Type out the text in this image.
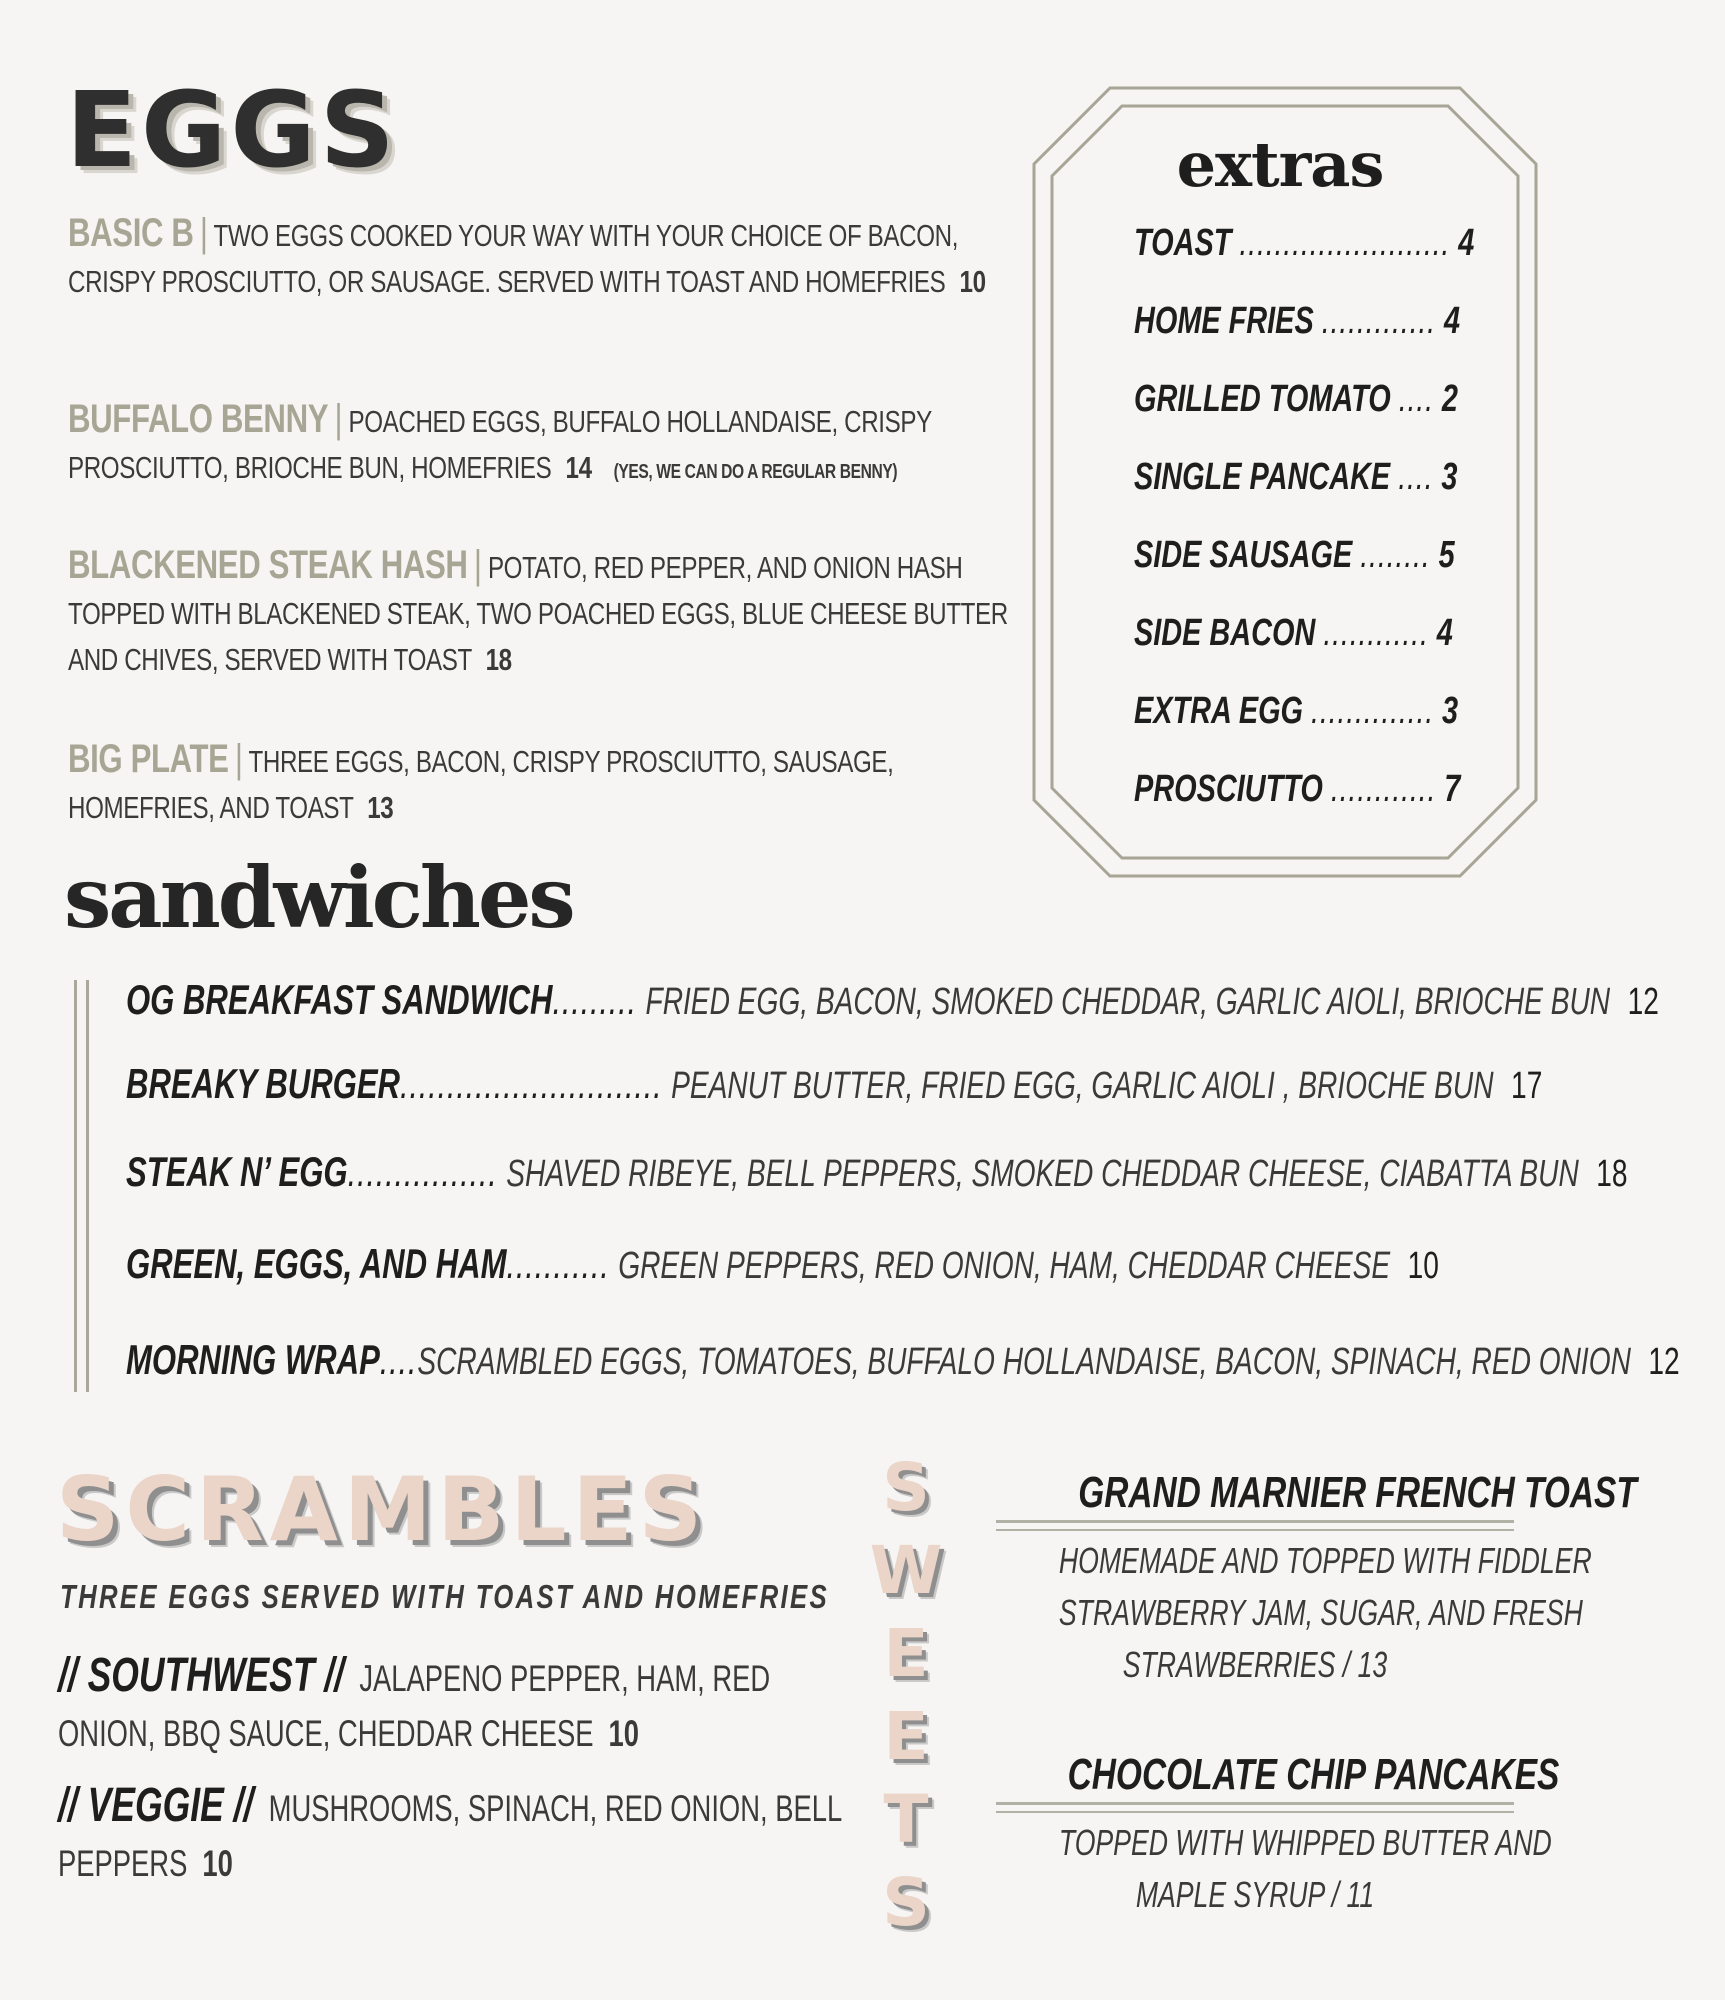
EGGS

BASIC B | TWO EGGS COOKED YOUR WAY WITH YOUR CHOICE OF BACON, CRISPY PROSCIUTTO, OR SAUSAGE. SERVED WITH TOAST AND HOMEFRIES 10

BUFFALO BENNY | POACHED EGGS, BUFFALO HOLLANDAISE, CRISPY PROSCIUTTO, BRIOCHE BUN, HOMEFRIES 14 (YES, WE CAN DO A REGULAR BENNY)

BLACKENED STEAK HASH | POTATO, RED PEPPER, AND ONION HASH TOPPED WITH BLACKENED STEAK, TWO POACHED EGGS, BLUE CHEESE BUTTER AND CHIVES, SERVED WITH TOAST 18

BIG PLATE | THREE EGGS, BACON, CRISPY PROSCIUTTO, SAUSAGE, HOMEFRIES, AND TOAST 13

extras
TOAST ........................ 4
HOME FRIES ............. 4
GRILLED TOMATO .... 2
SINGLE PANCAKE .... 3
SIDE SAUSAGE ........ 5
SIDE BACON ............ 4
EXTRA EGG .............. 3
PROSCIUTTO ............ 7
sandwiches
OG BREAKFAST SANDWICH......... FRIED EGG, BACON, SMOKED CHEDDAR, GARLIC AIOLI, BRIOCHE BUN 12
BREAKY BURGER............................ PEANUT BUTTER, FRIED EGG, GARLIC AIOLI , BRIOCHE BUN 17
STEAK N’ EGG................ SHAVED RIBEYE, BELL PEPPERS, SMOKED CHEDDAR CHEESE, CIABATTA BUN 18
GREEN, EGGS, AND HAM........... GREEN PEPPERS, RED ONION, HAM, CHEDDAR CHEESE 10
MORNING WRAP....SCRAMBLED EGGS, TOMATOES, BUFFALO HOLLANDAISE, BACON, SPINACH, RED ONION 12
SCRAMBLES
THREE EGGS SERVED WITH TOAST AND HOMEFRIES

// SOUTHWEST // JALAPENO PEPPER, HAM, RED ONION, BBQ SAUCE, CHEDDAR CHEESE 10

// VEGGIE // MUSHROOMS, SPINACH, RED ONION, BELL PEPPERS 10

S
W
E
E
T
S
GRAND MARNIER FRENCH TOAST
HOMEMADE AND TOPPED WITH FIDDLER
STRAWBERRY JAM, SUGAR, AND FRESH
STRAWBERRIES / 13
CHOCOLATE CHIP PANCAKES
TOPPED WITH WHIPPED BUTTER AND
MAPLE SYRUP / 11
